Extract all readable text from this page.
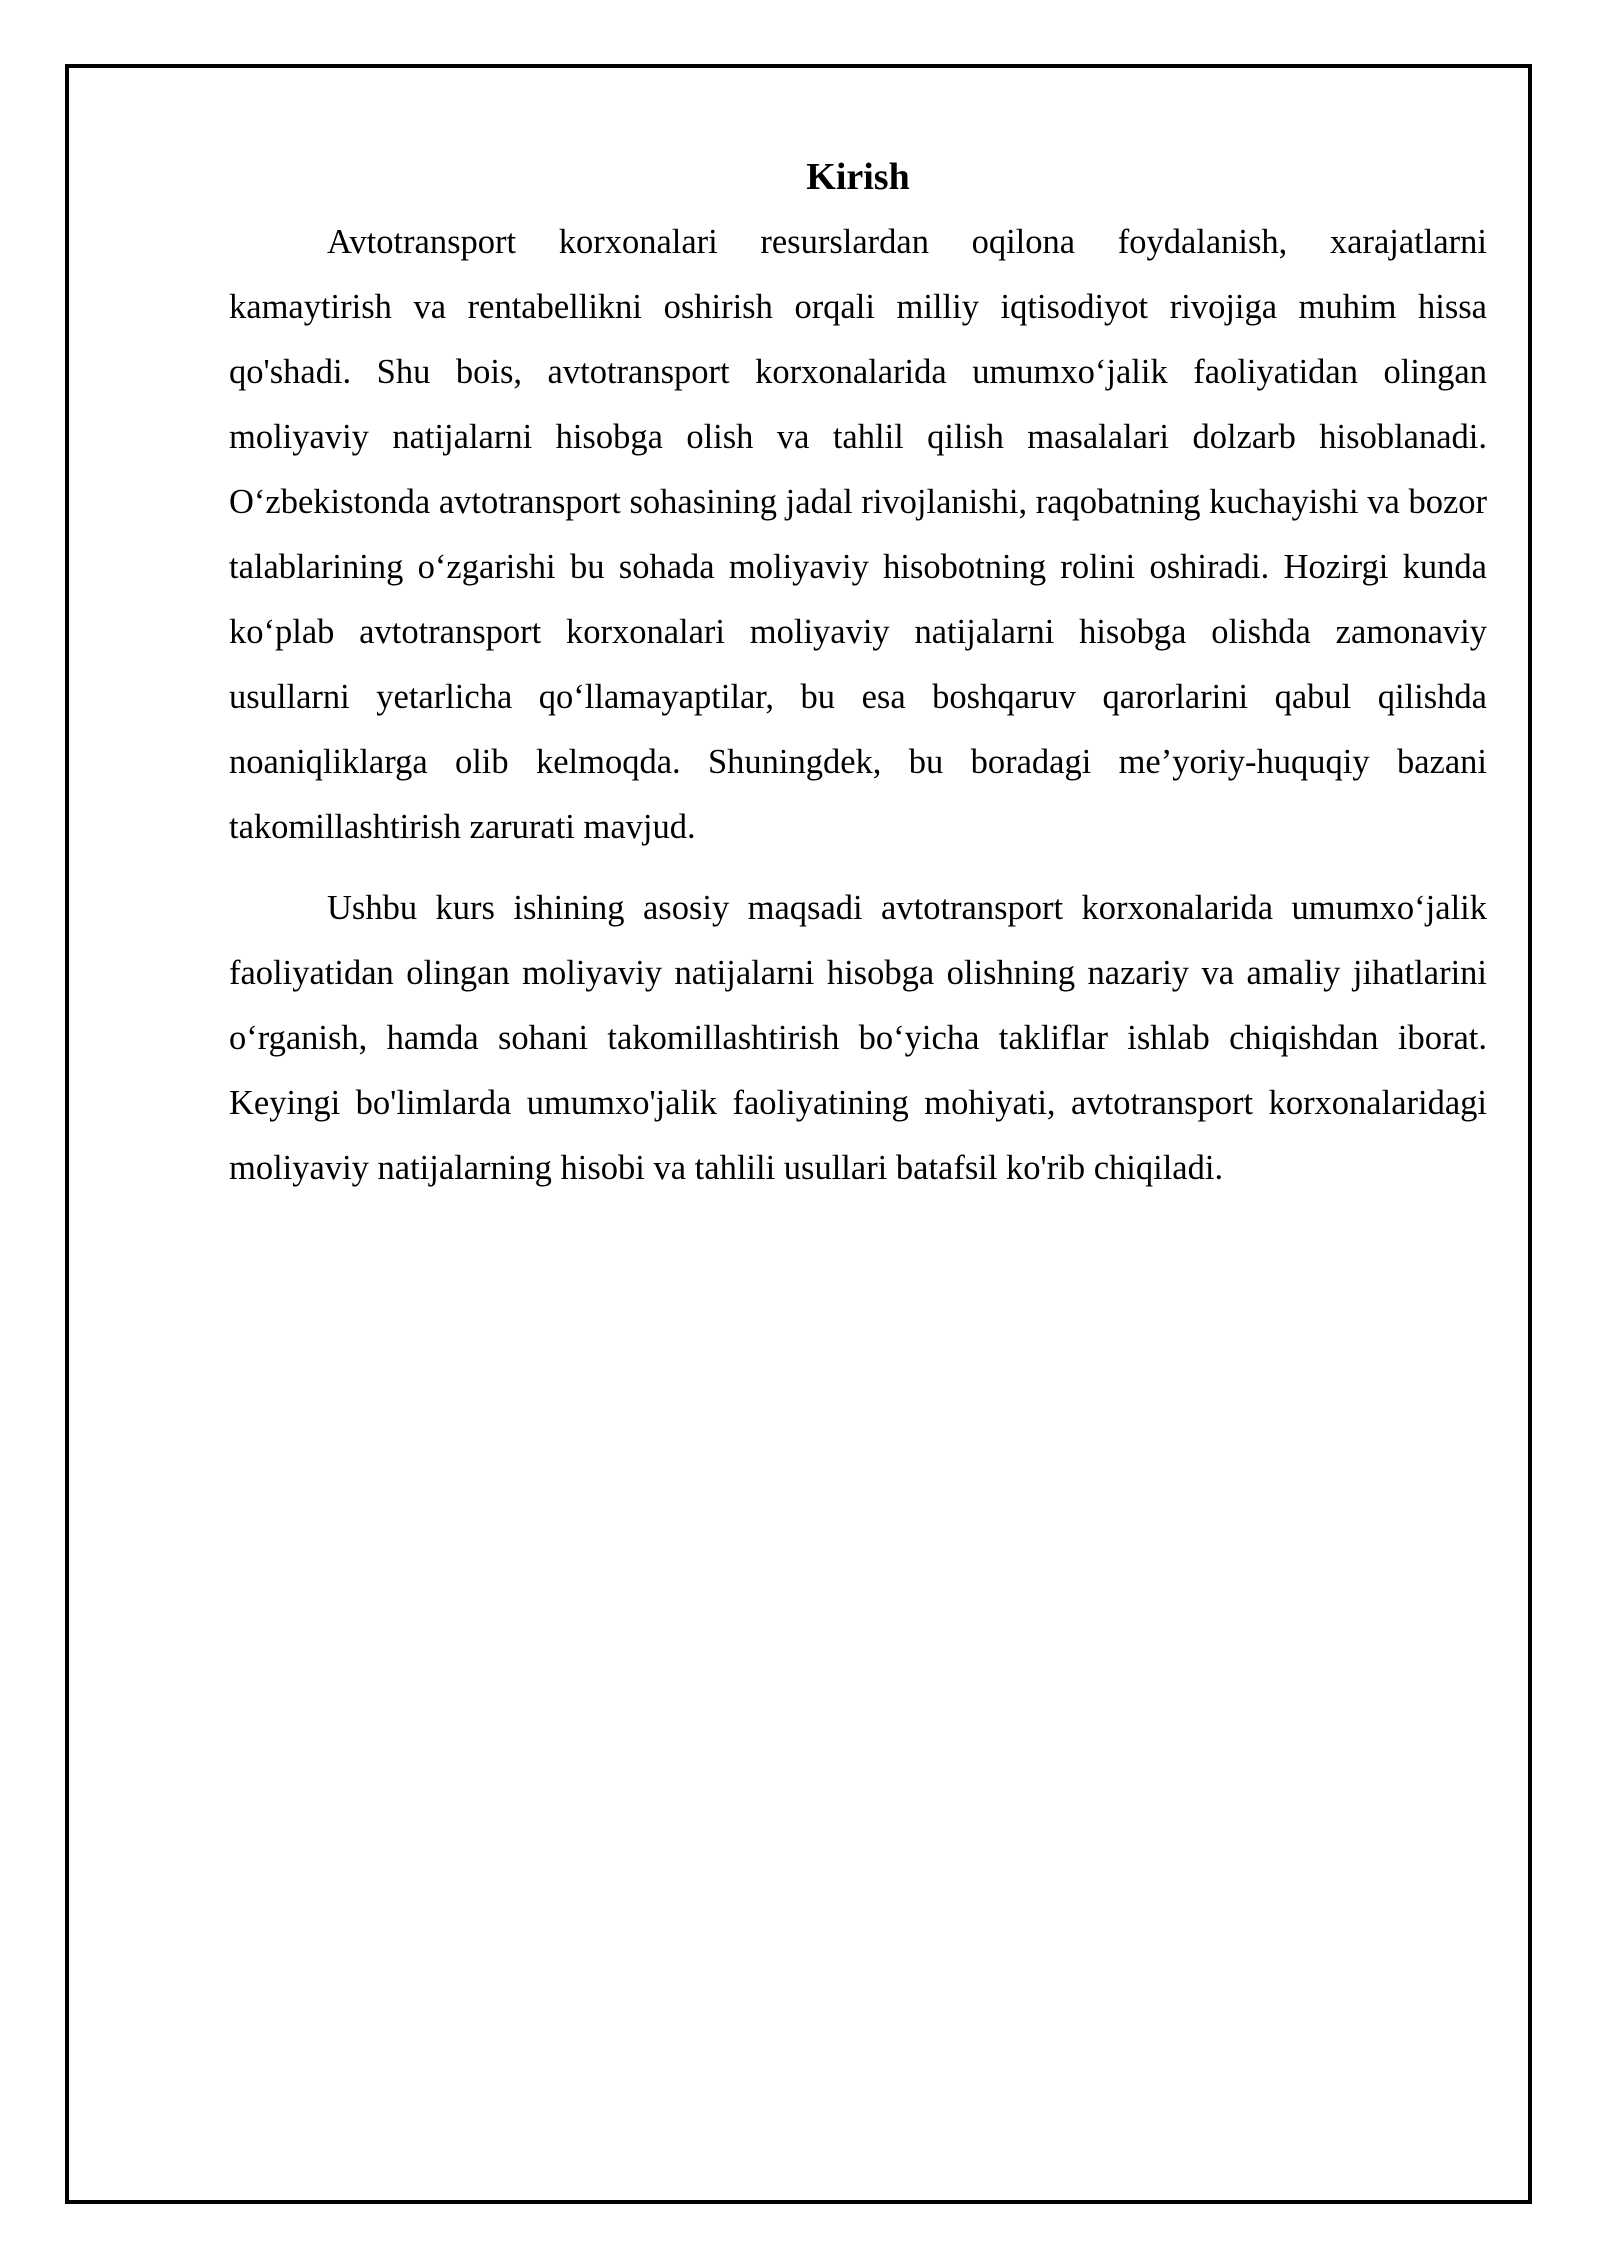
Kirish

Avtotransport korxonalari resurslardan oqilona foydalanish, xarajatlarni kamaytirish va rentabellikni oshirish orqali milliy iqtisodiyot rivojiga muhim hissa qo'shadi. Shu bois, avtotransport korxonalarida umumxo‘jalik faoliyatidan olingan moliyaviy natijalarni hisobga olish va tahlil qilish masalalari dolzarb hisoblanadi. O‘zbekistonda avtotransport sohasining jadal rivojlanishi, raqobatning kuchayishi va bozor talablarining o‘zgarishi bu sohada moliyaviy hisobotning rolini oshiradi. Hozirgi kunda ko‘plab avtotransport korxonalari moliyaviy natijalarni hisobga olishda zamonaviy usullarni yetarlicha qo‘llamayaptilar, bu esa boshqaruv qarorlarini qabul qilishda noaniqliklarga olib kelmoqda. Shuningdek, bu boradagi me’yoriy-huquqiy bazani takomillashtirish zarurati mavjud.

Ushbu kurs ishining asosiy maqsadi avtotransport korxonalarida umumxo‘jalik faoliyatidan olingan moliyaviy natijalarni hisobga olishning nazariy va amaliy jihatlarini o‘rganish, hamda sohani takomillashtirish bo‘yicha takliflar ishlab chiqishdan iborat. Keyingi bo'limlarda umumxo'jalik faoliyatining mohiyati, avtotransport korxonalaridagi moliyaviy natijalarning hisobi va tahlili usullari batafsil ko'rib chiqiladi.
